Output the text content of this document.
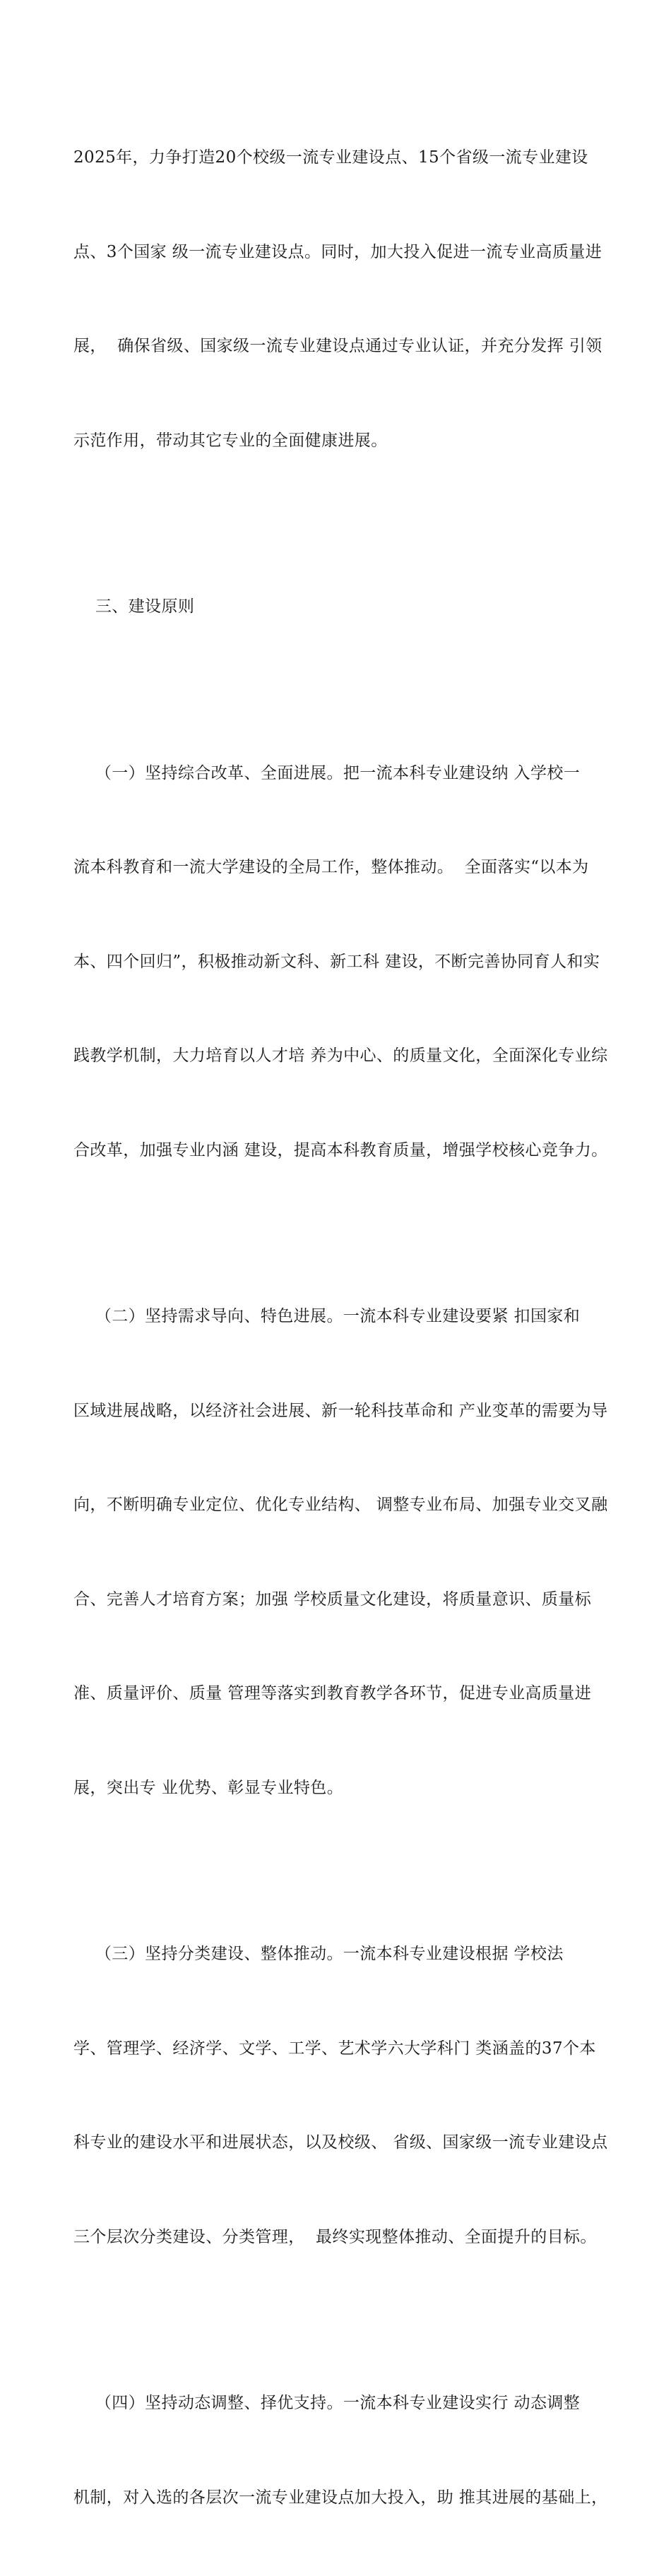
2025年，力争打造20个校级一流专业建设点、15个省级一流专业建设

点、3个国家 级一流专业建设点。同时，加大投入促进一流专业高质量进

展，  确保省级、国家级一流专业建设点通过专业认证，并充分发挥 引领

示范作用，带动其它专业的全面健康进展。

三、建设原则

（一）坚持综合改革、全面进展。把一流本科专业建设纳 入学校一

流本科教育和一流大学建设的全局工作，整体推动。  全面落实“以本为

本、四个回归”，积极推动新文科、新工科 建设，不断完善协同育人和实

践教学机制，大力培育以人才培 养为中心、的质量文化，全面深化专业综

合改革，加强专业内涵 建设，提高本科教育质量，增强学校核心竞争力。

（二）坚持需求导向、特色进展。一流本科专业建设要紧 扣国家和

区域进展战略，以经济社会进展、新一轮科技革命和 产业变革的需要为导

向，不断明确专业定位、优化专业结构、 调整专业布局、加强专业交叉融

合、完善人才培育方案；加强 学校质量文化建设，将质量意识、质量标

准、质量评价、质量 管理等落实到教育教学各环节，促进专业高质量进

展，突出专 业优势、彰显专业特色。

（三）坚持分类建设、整体推动。一流本科专业建设根据 学校法

学、管理学、经济学、文学、工学、艺术学六大学科门 类涵盖的37个本

科专业的建设水平和进展状态，以及校级、 省级、国家级一流专业建设点

三个层次分类建设、分类管理，  最终实现整体推动、全面提升的目标。

（四）坚持动态调整、择优支持。一流本科专业建设实行 动态调整

机制，对入选的各层次一流专业建设点加大投入，助 推其进展的基础上，
